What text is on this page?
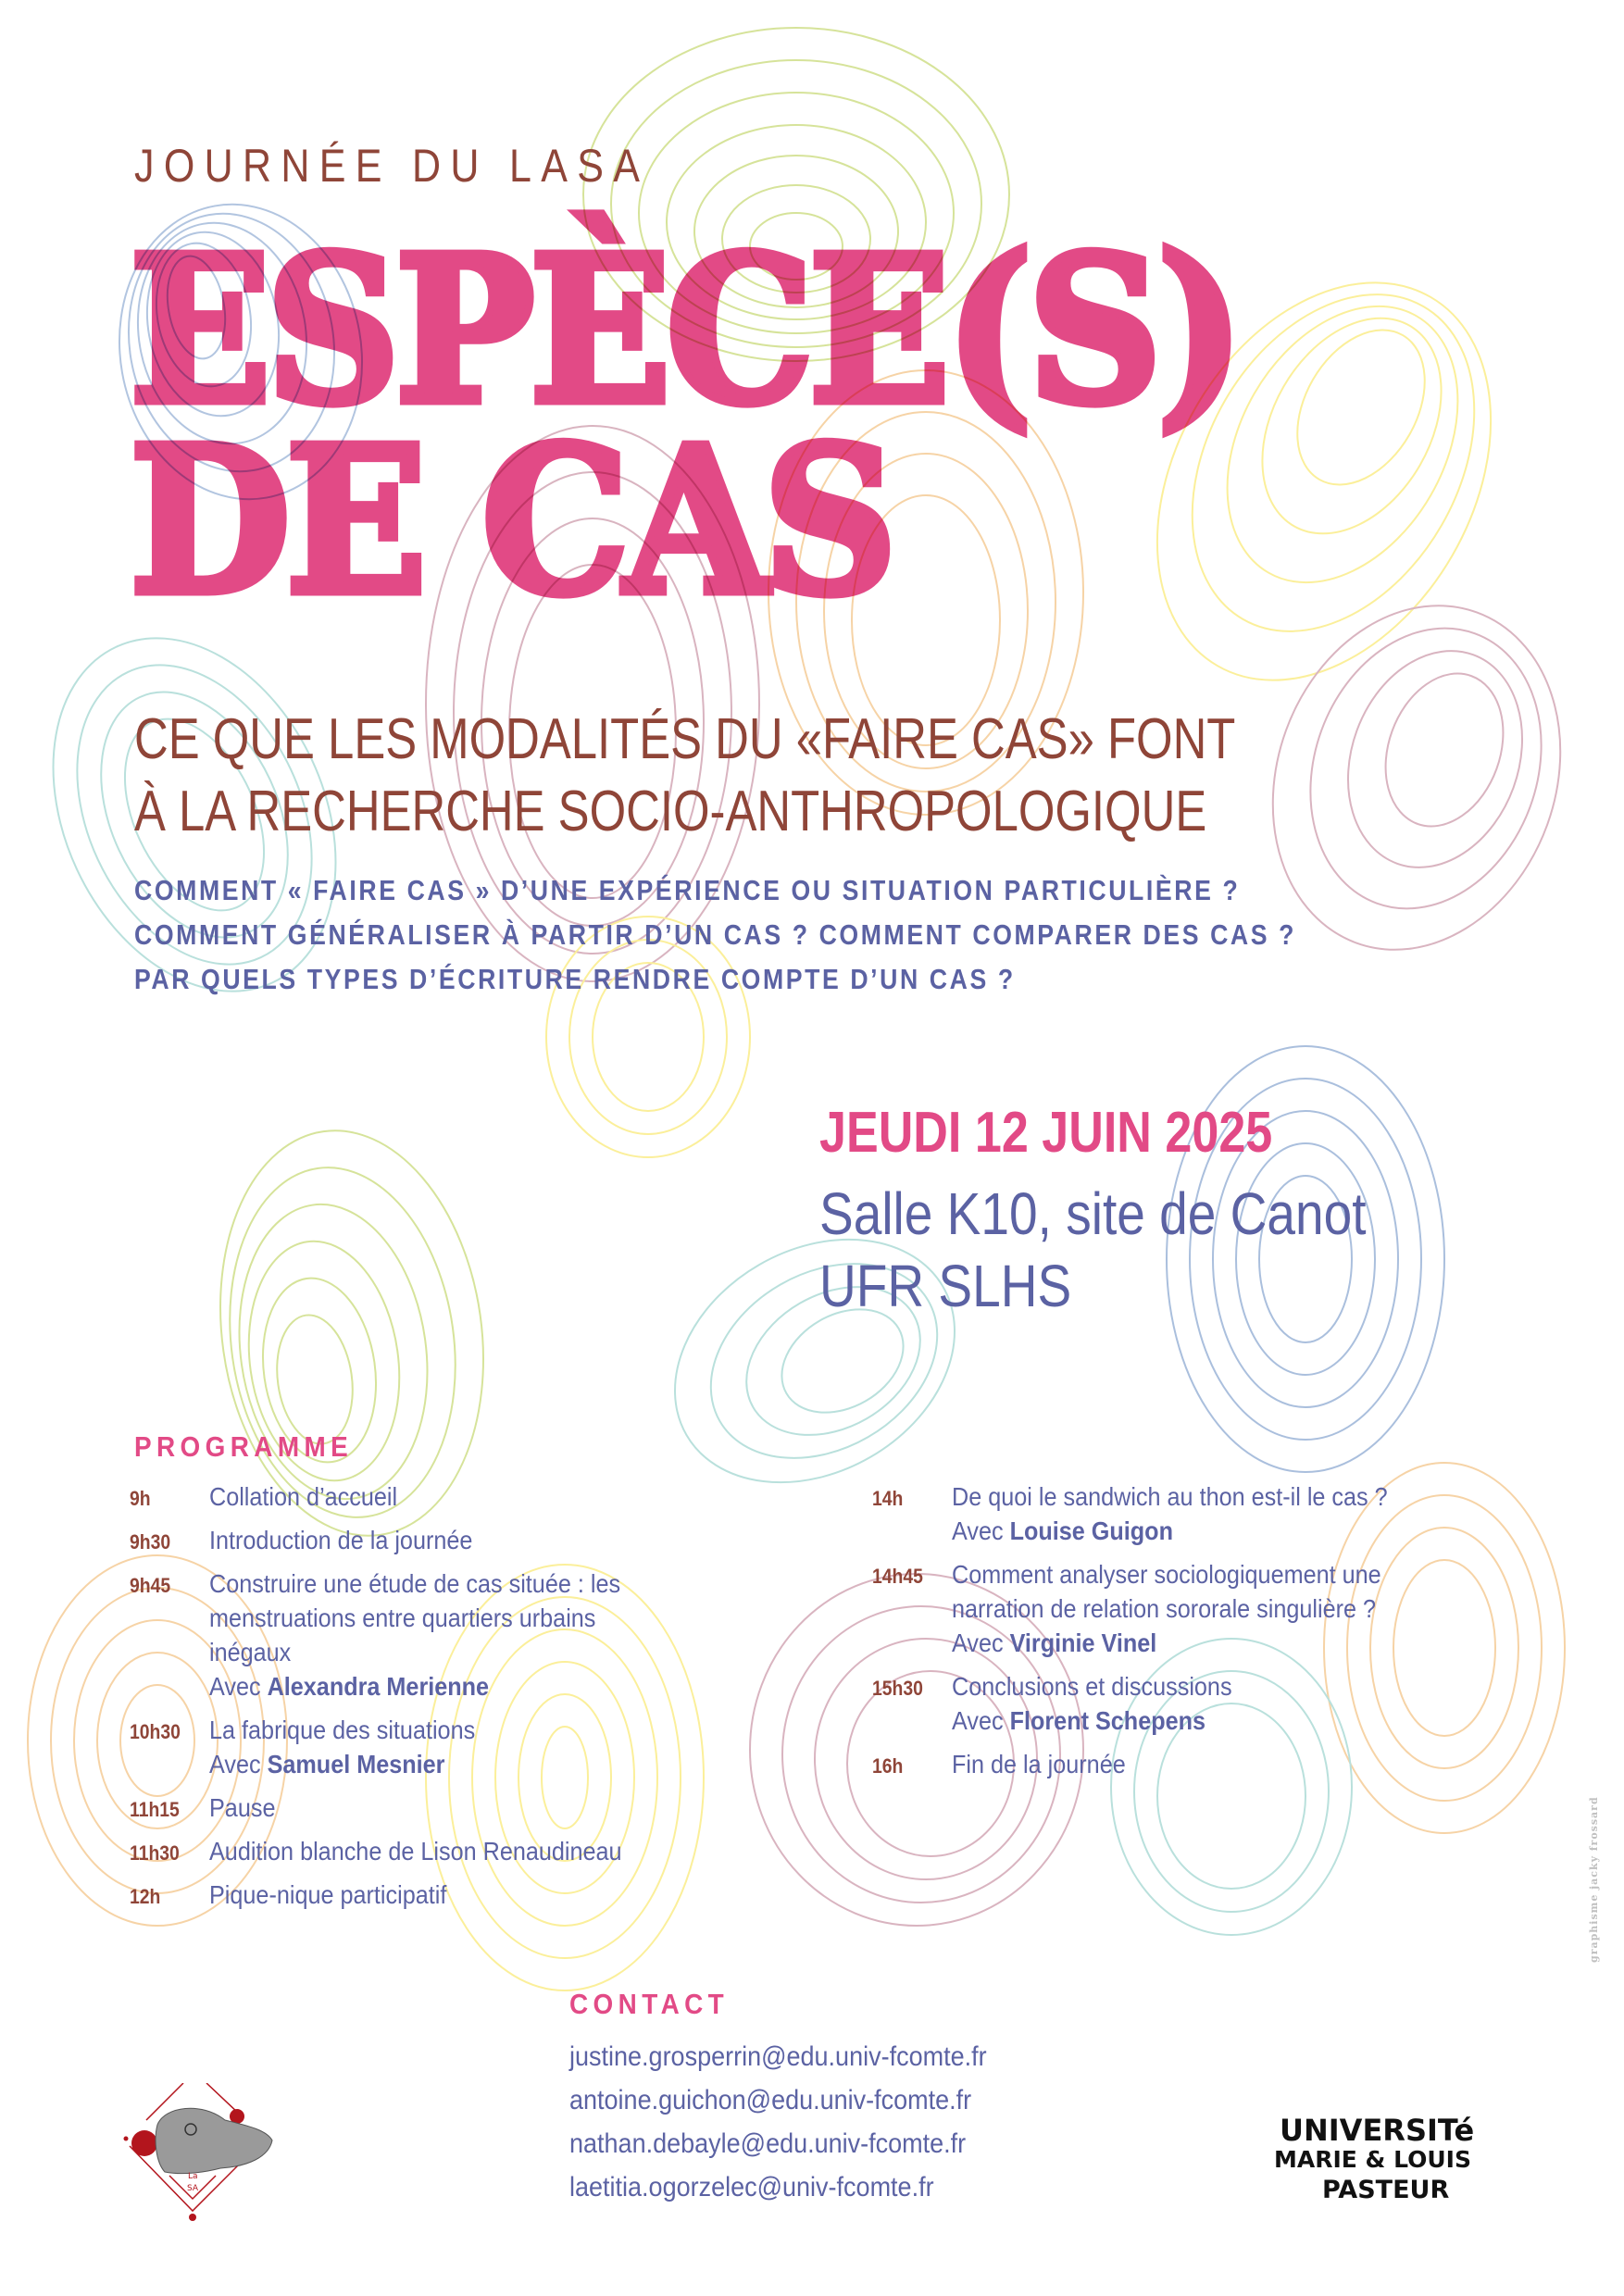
JOURNÉE DU LASA
ESPÈCE(S)
DE CAS
CE QUE LES MODALITÉS DU «FAIRE CAS» FONT
À LA RECHERCHE SOCIO-ANTHROPOLOGIQUE
COMMENT « FAIRE CAS » D’UNE EXPÉRIENCE OU SITUATION PARTICULIÈRE ?
COMMENT GÉNÉRALISER À PARTIR D’UN CAS ? COMMENT COMPARER DES CAS ?
PAR QUELS TYPES D’ÉCRITURE RENDRE COMPTE D’UN CAS ?
JEUDI 12 JUIN 2025
Salle K10, site de Canot
UFR SLHS
PROGRAMME
9h	Collation d’accueil
9h30	Introduction de la journée
9h45	Construire une étude de cas située : les
menstruations entre quartiers urbains
inégaux
Avec Alexandra Merienne
10h30	La fabrique des situations
Avec Samuel Mesnier
11h15	Pause
11h30	Audition blanche de Lison Renaudineau
12h	Pique-nique participatif
14h	De quoi le sandwich au thon est-il le cas ?
Avec Louise Guigon
14h45	Comment analyser sociologiquement une
narration de relation sororale singulière ?
Avec Virginie Vinel
15h30	Conclusions et discussions
Avec Florent Schepens
16h	Fin de la journée
CONTACT
justine.grosperrin@edu.univ-fcomte.fr
antoine.guichon@edu.univ-fcomte.fr
nathan.debayle@edu.univ-fcomte.fr
laetitia.ogorzelec@univ-fcomte.fr
graphisme jacky frossard
La
SA
UNIVERSITé
MARIE & LOUIS
PASTEUR
